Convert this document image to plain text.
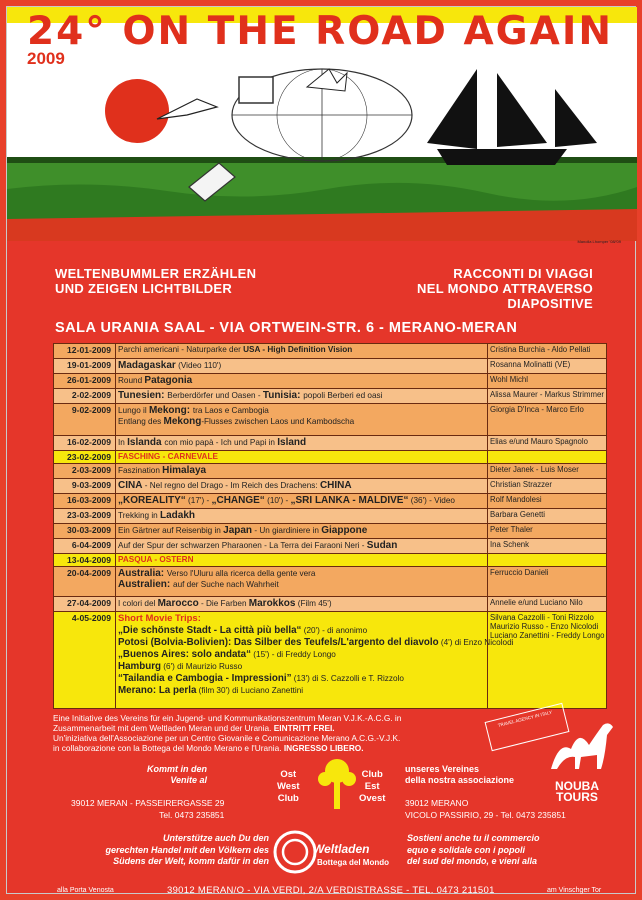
24° ON THE ROAD AGAIN
2009
Manolla Lhomper '08/'09
WELTENBUMMLER ERZÄHLEN
UND ZEIGEN LICHTBILDER
RACCONTI DI VIAGGI
NEL MONDO ATTRAVERSO
DIAPOSITIVE
SALA URANIA SAAL - VIA ORTWEIN-STR. 6 - MERANO-MERAN
12-01-2009 Parchi americani - Naturparke der USA - High Definition Vision	Cristina Burchia - Aldo Pellati
19-01-2009 Madagaskar (Video 110')	Rosanna Molinatti (VE)
26-01-2009 Round Patagonia	Wohl Michl
2-02-2009 Tunesien: Berberdörfer und Oasen - Tunisia: popoli Berberi ed oasi	Alissa Maurer - Markus Strimmer
9-02-2009 Lungo il Mekong: tra Laos e Cambogia
Entlang des Mekong-Flusses zwischen Laos und Kambodscha
Giorgia D'Inca - Marco Erlo
16-02-2009 In Islanda con mio papà - Ich und Papi in Island	Elias e/und Mauro Spagnolo
23-02-2009 FASCHING - CARNEVALE
2-03-2009 Faszination Himalaya	Dieter Janek - Luis Moser
9-03-2009 CINA - Nel regno del Drago - Im Reich des Drachens: CHINA	Christian Strazzer
16-03-2009 „KOREALITY“ (17') - „CHANGE“ (10') - „SRI LANKA - MALDIVE“ (36') - Video	Rolf Mandolesi
23-03-2009 Trekking in Ladakh	Barbara Genetti
30-03-2009 Ein Gärtner auf Reisenbig in Japan - Un giardiniere in Giappone	Peter Thaler
6-04-2009 Auf der Spur der schwarzen Pharaonen - La Terra dei Faraoni Neri - Sudan	Ina Schenk
13-04-2009 PASQUA - OSTERN
20-04-2009 Australia: Verso l'Uluru alla ricerca della gente vera
Australien: auf der Suche nach Wahrheit
Ferruccio Danieli
27-04-2009 I colori del Marocco - Die Farben Marokkos (Film 45')	Annelie e/und Luciano Nilo
4-05-2009 Short Movie Trips:
„Die schönste Stadt - La città più bella“ (20') - di anonimo
Potosi (Bolvia-Bolivien): Das Silber des Teufels/L'argento del diavolo (4') di Enzo Nicolodi
„Buenos Aires: solo andata“ (15') - di Freddy Longo
Hamburg (6') di Maurizio Russo
“Tailandia e Cambogia - Impressioni” (13') di S. Cazzolli e T. Rizzolo
Merano: La perla (film 30') di Luciano Zanettini
Silvana Cazzolli - Toni Rizzolo
Maurizio Russo - Enzo Nicolodi
Luciano Zanettini - Freddy Longo
Eine Initiative des Vereins für ein Jugend- und Kommunikationszentrum Meran V.J.K.-A.C.G. in
Zusammenarbeit mit dem Weltladen Meran und der Urania. EINTRITT FREI.
Un'iniziativa dell'Associazione per un Centro Giovanile e Comunicazione Merano A.C.G.-V.J.K.
in collaborazione con la Bottega del Mondo Merano e l'Urania. INGRESSO LIBERO.
TRAVEL AGENCY IN ITALY
NOUBA
TOURS
Kommt in den
Venite al
39012 MERAN - PASSEIRERGASSE 29
Tel. 0473 235851
Ost
West
Club
Club
Est
Ovest
unseres Vereines
della nostra associazione
39012 MERANO
VICOLO PASSIRIO, 29 - Tel. 0473 235851
Unterstütze auch Du den
gerechten Handel mit den Völkern des
Südens der Welt, komm dafür in den
Weltladen
Bottega del Mondo
Sostieni anche tu il commercio
equo e solidale con i popoli
del sud del mondo, e vieni alla
alla Porta Venosta	39012 MERAN/O - VIA VERDI, 2/A VERDISTRASSE - TEL. 0473 211501	am Vinschger Tor
